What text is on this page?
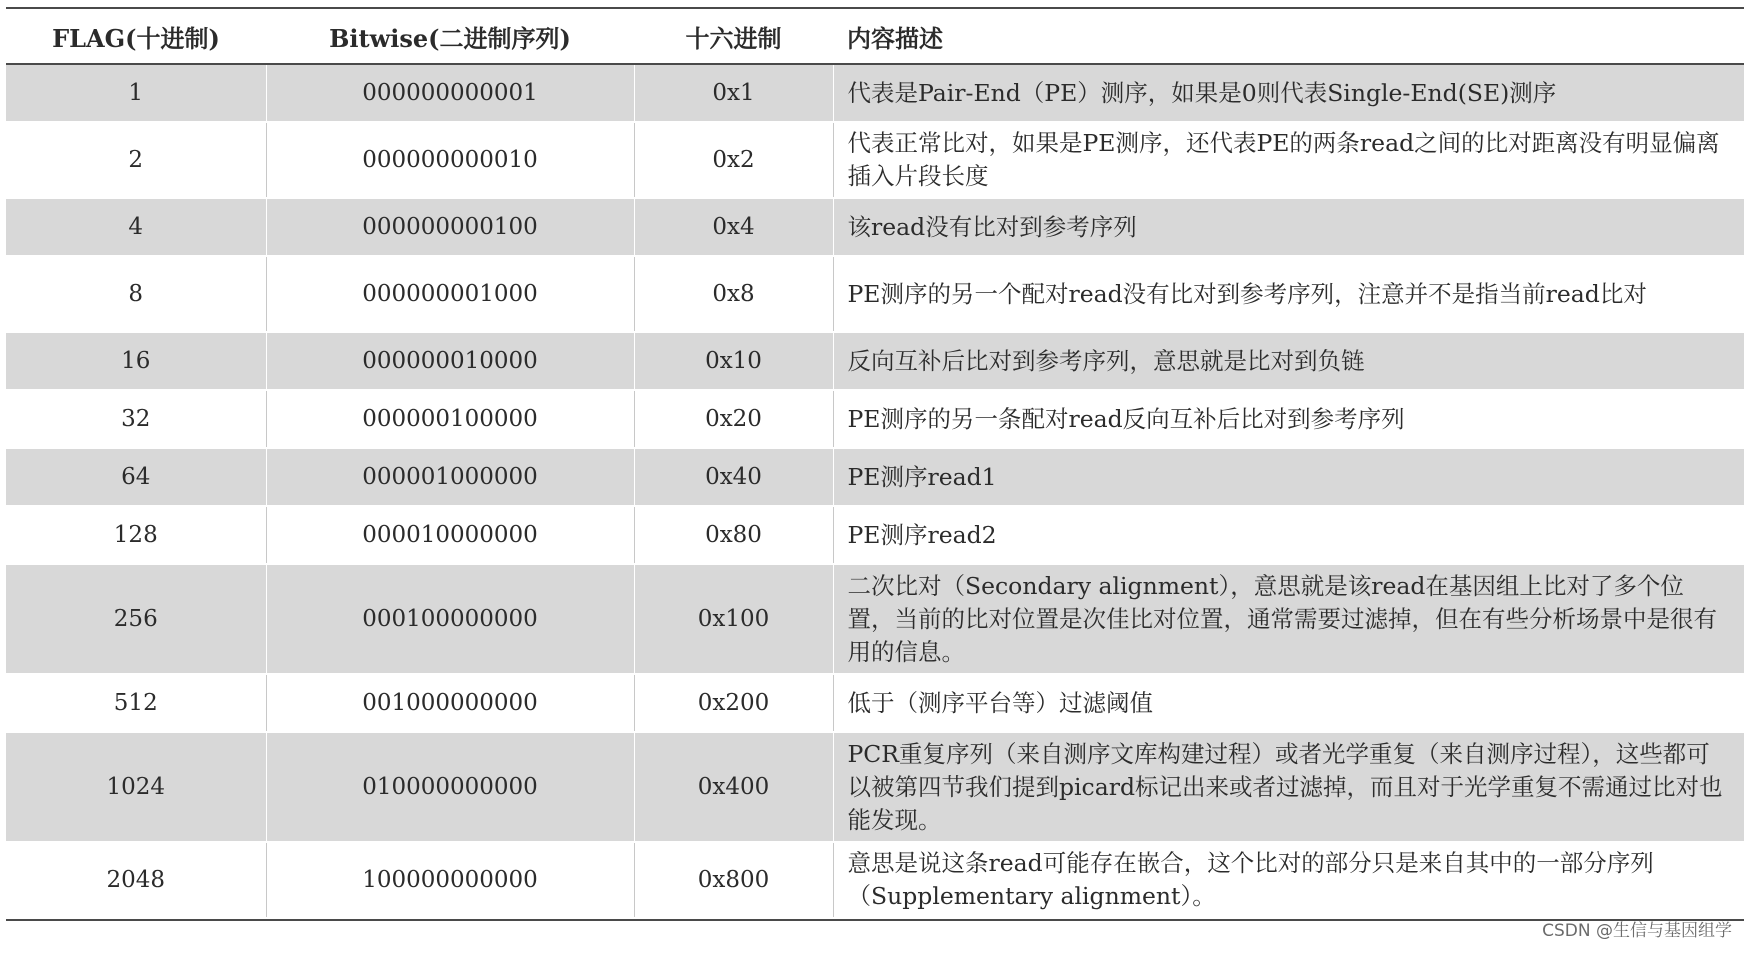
FLAG(十进制)	Bitwise(二进制序列)	十六进制	内容描述
1	000000000001	0x1	代表是Pair-End（PE）测序，如果是0则代表Single-End(SE)测序
2	000000000010	0x2	代表正常比对，如果是PE测序，还代表PE的两条read之间的比对距离没有明显偏离插入片段长度
4	000000000100	0x4	该read没有比对到参考序列
8	000000001000	0x8	PE测序的另一个配对read没有比对到参考序列，注意并不是指当前read比对
16	000000010000	0x10	反向互补后比对到参考序列，意思就是比对到负链
32	000000100000	0x20	PE测序的另一条配对read反向互补后比对到参考序列
64	000001000000	0x40	PE测序read1
128	000010000000	0x80	PE测序read2
256	000100000000	0x100	二次比对（Secondary alignment），意思就是该read在基因组上比对了多个位置，当前的比对位置是次佳比对位置，通常需要过滤掉，但在有些分析场景中是很有用的信息。
512	001000000000	0x200	低于（测序平台等）过滤阈值
1024	010000000000	0x400	PCR重复序列（来自测序文库构建过程）或者光学重复（来自测序过程），这些都可以被第四节我们提到picard标记出来或者过滤掉，而且对于光学重复不需通过比对也能发现。
2048	100000000000	0x800	意思是说这条read可能存在嵌合，这个比对的部分只是来自其中的一部分序列（Supplementary alignment）。
CSDN @生信与基因组学
